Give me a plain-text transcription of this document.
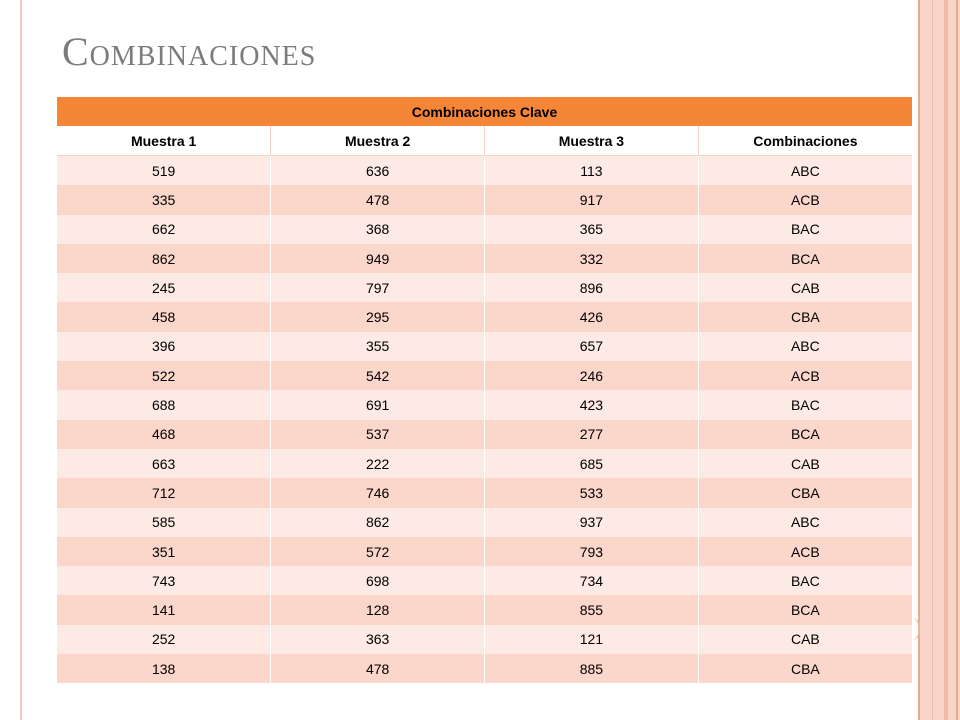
Combinaciones
Combinaciones Clave			
Muestra 1	Muestra 2	Muestra 3	Combinaciones
519	636	113	ABC
335	478	917	ACB
662	368	365	BAC
862	949	332	BCA
245	797	896	CAB
458	295	426	CBA
396	355	657	ABC
522	542	246	ACB
688	691	423	BAC
468	537	277	BCA
663	222	685	CAB
712	746	533	CBA
585	862	937	ABC
351	572	793	ACB
743	698	734	BAC
141	128	855	BCA
252	363	121	CAB
138	478	885	CBA
